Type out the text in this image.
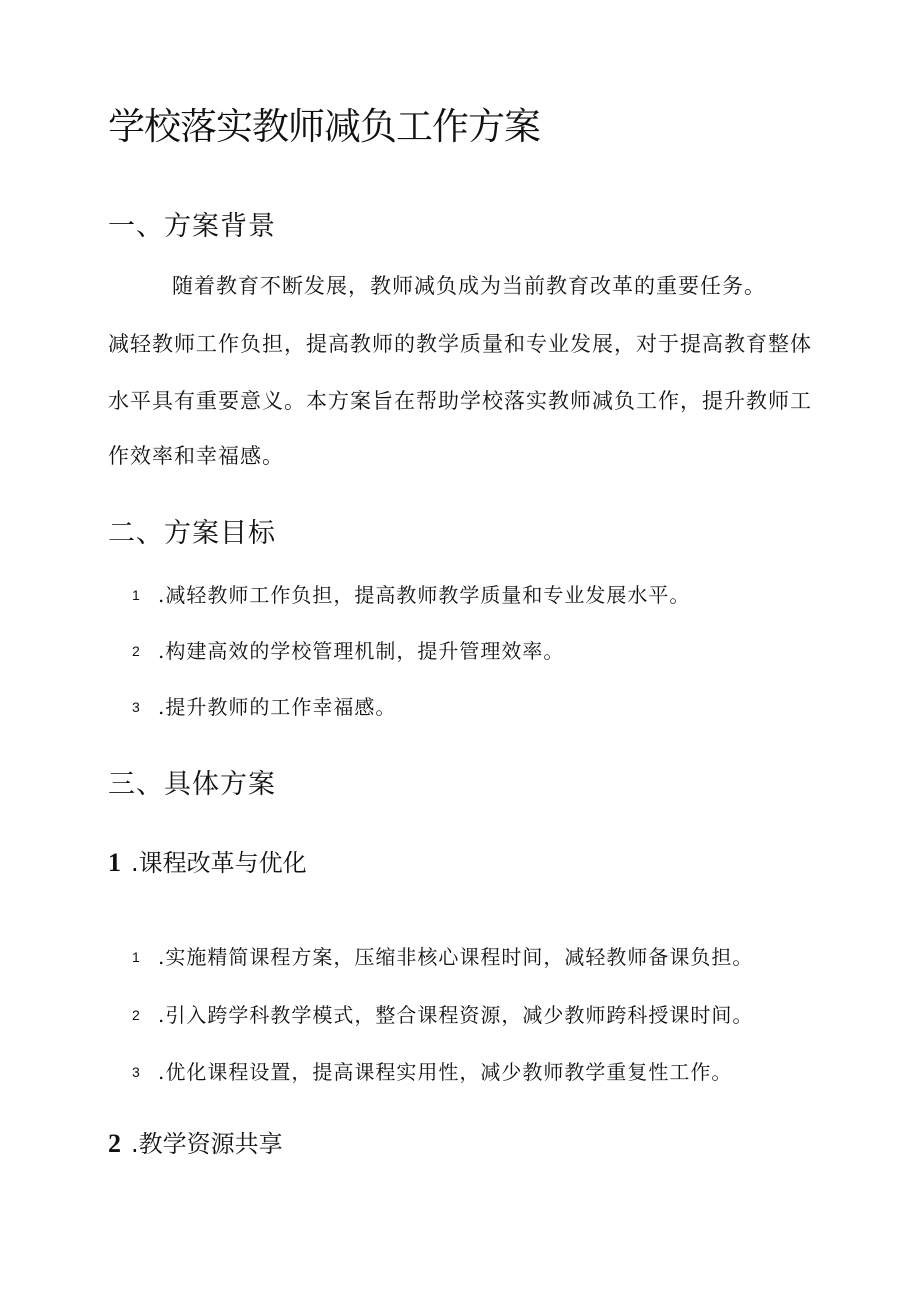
学校落实教师减负工作方案
一、方案背景
随着教育不断发展，教师减负成为当前教育改革的重要任务。
减轻教师工作负担，提高教师的教学质量和专业发展，对于提高教育整体
水平具有重要意义。本方案旨在帮助学校落实教师减负工作，提升教师工
作效率和幸福感。
二、方案目标
1 .减轻教师工作负担，提高教师教学质量和专业发展水平。
2 .构建高效的学校管理机制，提升管理效率。
3 .提升教师的工作幸福感。
三、具体方案
1 .课程改革与优化
1 .实施精简课程方案，压缩非核心课程时间，减轻教师备课负担。
2 .引入跨学科教学模式，整合课程资源，减少教师跨科授课时间。
3 .优化课程设置，提高课程实用性，减少教师教学重复性工作。
2 .教学资源共享
